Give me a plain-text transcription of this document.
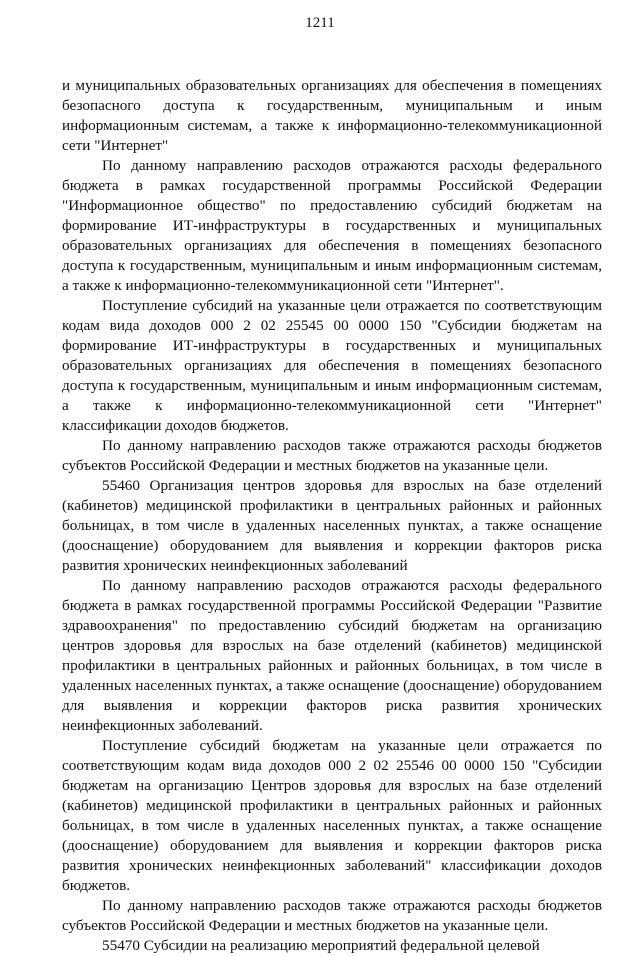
1211

и муниципальных образовательных организациях для обеспечения в помещениях безопасного доступа к государственным, муниципальным и иным информационным системам, а также к информационно-телекоммуникационной сети "Интернет"

По данному направлению расходов отражаются расходы федерального бюджета в рамках государственной программы Российской Федерации "Информационное общество" по предоставлению субсидий бюджетам на формирование ИТ-инфраструктуры в государственных и муниципальных образовательных организациях для обеспечения в помещениях безопасного доступа к государственным, муниципальным и иным информационным системам, а также к информационно-телекоммуникационной сети "Интернет".

Поступление субсидий на указанные цели отражается по соответствующим кодам вида доходов 000 2 02 25545 00 0000 150 "Субсидии бюджетам на формирование ИТ-инфраструктуры в государственных и муниципальных образовательных организациях для обеспечения в помещениях безопасного доступа к государственным, муниципальным и иным информационным системам, а также к информационно-телекоммуникационной сети "Интернет" классификации доходов бюджетов.

По данному направлению расходов также отражаются расходы бюджетов субъектов Российской Федерации и местных бюджетов на указанные цели.

55460 Организация центров здоровья для взрослых на базе отделений (кабинетов) медицинской профилактики в центральных районных и районных больницах, в том числе в удаленных населенных пунктах, а также оснащение (дооснащение) оборудованием для выявления и коррекции факторов риска развития хронических неинфекционных заболеваний

По данному направлению расходов отражаются расходы федерального бюджета в рамках государственной программы Российской Федерации "Развитие здравоохранения" по предоставлению субсидий бюджетам на организацию центров здоровья для взрослых на базе отделений (кабинетов) медицинской профилактики в центральных районных и районных больницах, в том числе в удаленных населенных пунктах, а также оснащение (дооснащение) оборудованием для выявления и коррекции факторов риска развития хронических неинфекционных заболеваний.

Поступление субсидий бюджетам на указанные цели отражается по соответствующим кодам вида доходов 000 2 02 25546 00 0000 150 "Субсидии бюджетам на организацию Центров здоровья для взрослых на базе отделений (кабинетов) медицинской профилактики в центральных районных и районных больницах, в том числе в удаленных населенных пунктах, а также оснащение (дооснащение) оборудованием для выявления и коррекции факторов риска развития хронических неинфекционных заболеваний" классификации доходов бюджетов.

По данному направлению расходов также отражаются расходы бюджетов субъектов Российской Федерации и местных бюджетов на указанные цели.

55470 Субсидии на реализацию мероприятий федеральной целевой
